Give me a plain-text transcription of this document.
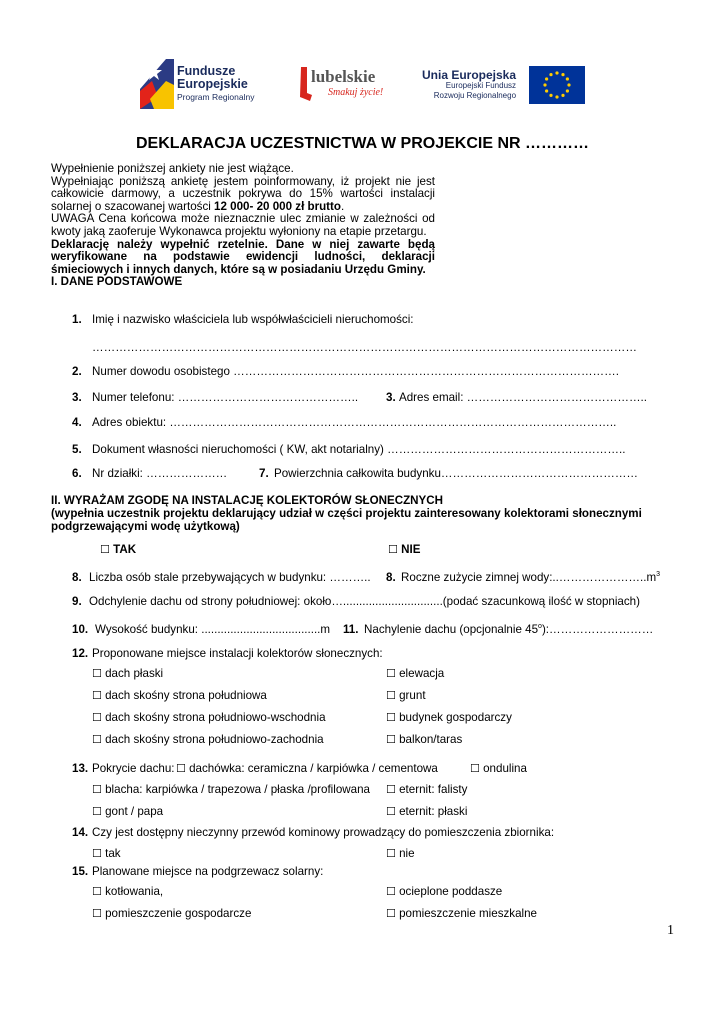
Fundusze
Europejskie
Program Regionalny
lubelskie
Smakuj życie!
Unia Europejska
Europejski Fundusz
Rozwoju Regionalnego
DEKLARACJA UCZESTNICTWA W PROJEKCIE NR …………

Wypełnienie poniższej ankiety nie jest wiążące.

Wypełniając poniższą ankietę jestem poinformowany, iż projekt nie jest całkowicie darmowy, a uczestnik pokrywa do 15% wartości instalacji solarnej o szacowanej wartości 12 000- 20 000 zł brutto.

UWAGA Cena końcowa może nieznacznie ulec zmianie w zależności od kwoty jaką zaoferuje Wykonawca projektu wyłoniony na etapie przetargu.

Deklarację należy wypełnić rzetelnie. Dane w niej zawarte będą weryfikowane na podstawie ewidencji ludności, deklaracji śmieciowych i innych danych, które są w posiadaniu Urzędu Gminy.

I. DANE PODSTAWOWE

1. Imię i nazwisko właściciela lub współwłaścicieli nieruchomości:
……………………………………………………………………………………………………………………………
2. Numer dowodu osobistego ……………………………………………………………………………………….
3. Numer telefonu: ……………………………………….. 3. Adres email: ………………………………………..
4. Adres obiektu: ……………………………………………………………………………………………………..
5. Dokument własności nieruchomości ( KW, akt notarialny) ……………………………………………………..
6. Nr działki: …………………	7. Powierzchnia całkowita budynku……………………………………………
II. WYRAŻAM ZGODĘ NA INSTALACJĘ KOLEKTORÓW SŁONECZNYCH
(wypełnia uczestnik projektu deklarujący udział w części projektu zainteresowany kolektorami słonecznymi podgrzewającymi wodę użytkową)
☐ TAK	☐ NIE
8. Liczba osób stale przebywających w budynku: ……….. 8. Roczne zużycie zimnej $wody:..\dots\dots\dots\dots\dots\dots\dots..m^3$
9. Odchylenie dachu od strony południowej: około…...............................(podać szacunkową ilość w stopniach)
10. Wysokość budynku: .....................................m 11. Nachylenie dachu (opcjonalnie 45$^o$):………………………
12. Proponowane miejsce instalacji kolektorów słonecznych:
☐ dach płaski	☐ elewacja
☐ dach skośny strona południowa	☐ grunt
☐ dach skośny strona południowo-wschodnia	☐ budynek gospodarczy
☐ dach skośny strona południowo-zachodnia	☐ balkon/taras
13. Pokrycie dachu: ☐ dachówka: ceramiczna / karpiówka / cementowa	☐ ondulina
☐ blacha: karpiówka / trapezowa / płaska /profilowana ☐ eternit: falisty
☐ gont / papa	☐ eternit: płaski
14. Czy jest dostępny nieczynny przewód kominowy prowadzący do pomieszczenia zbiornika:
☐ tak	☐ nie
15. Planowane miejsce na podgrzewacz solarny:
☐ kotłowania,	☐ ocieplone poddasze
☐ pomieszczenie gospodarcze	☐ pomieszczenie mieszkalne
1
